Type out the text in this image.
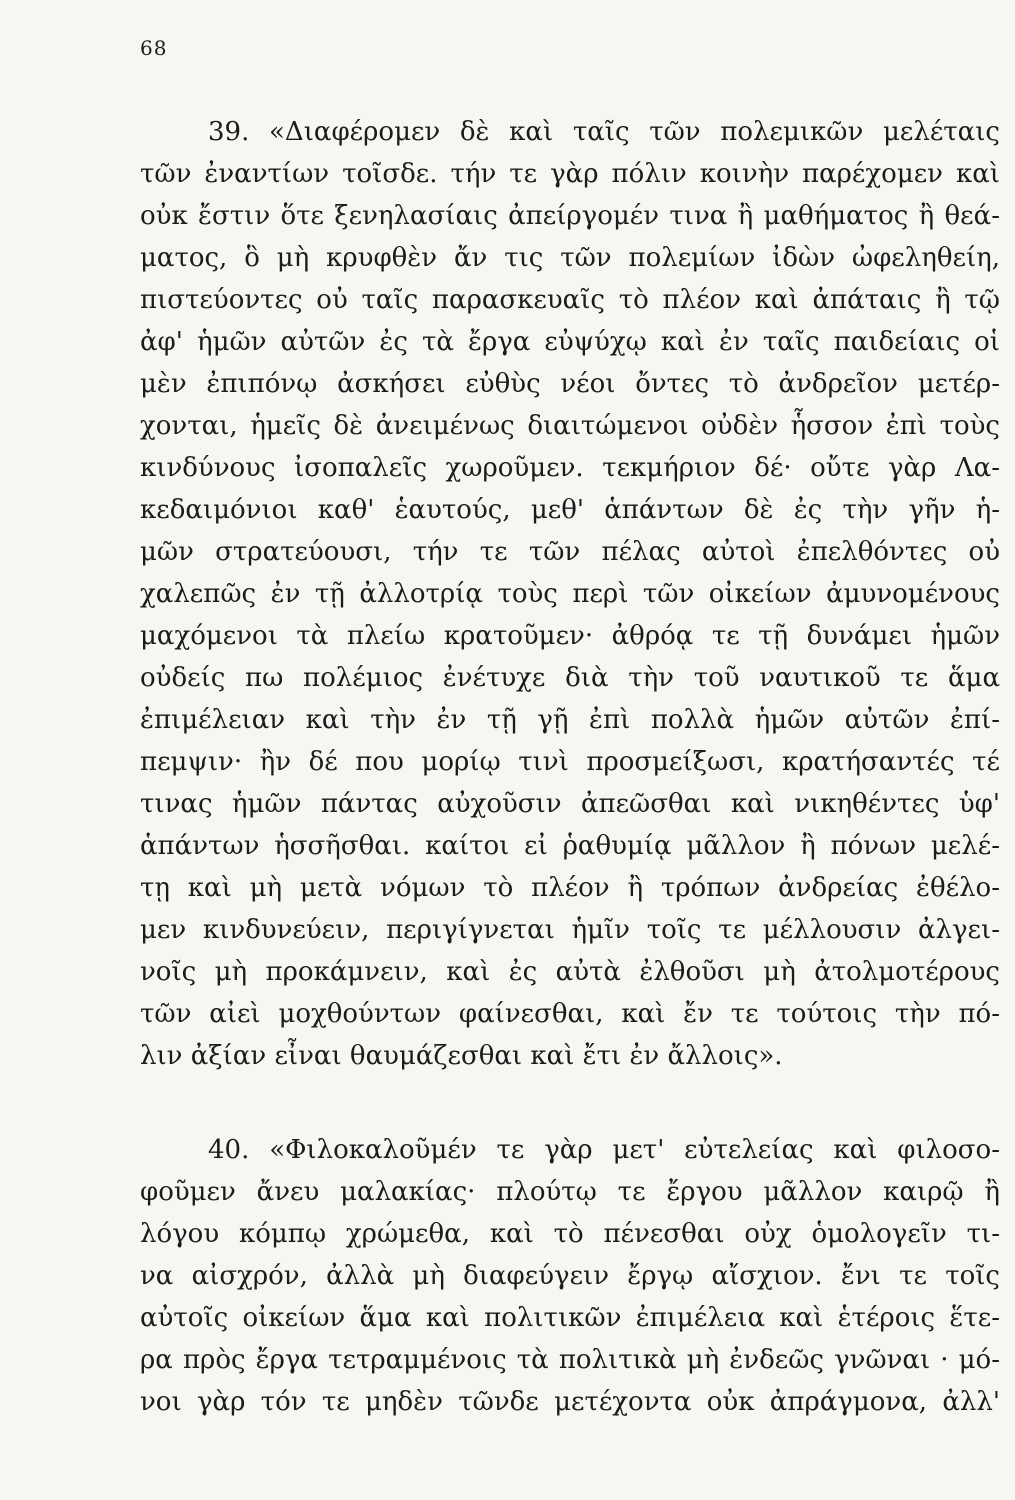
68
39. «Διαφέρομεν δὲ καὶ ταῖς τῶν πολεμικῶν μελέταις
τῶν ἐναντίων τοῖσδε. τήν τε γὰρ πόλιν κοινὴν παρέχομεν καὶ
οὐκ ἔστιν ὅτε ξενηλασίαις ἀπείργομέν τινα ἢ μαθήματος ἢ θεά-
ματος, ὃ μὴ κρυφθὲν ἄν τις τῶν πολεμίων ἰδὼν ὠφεληθείη,
πιστεύοντες οὐ ταῖς παρασκευαῖς τὸ πλέον καὶ ἀπάταις ἢ τῷ
ἀφ' ἡμῶν αὐτῶν ἐς τὰ ἔργα εὐψύχῳ καὶ ἐν ταῖς παιδείαις οἱ
μὲν ἐπιπόνῳ ἀσκήσει εὐθὺς νέοι ὄντες τὸ ἀνδρεῖον μετέρ-
χονται, ἡμεῖς δὲ ἀνειμένως διαιτώμενοι οὐδὲν ἧσσον ἐπὶ τοὺς
κινδύνους ἰσοπαλεῖς χωροῦμεν. τεκμήριον δέ· οὔτε γὰρ Λα-
κεδαιμόνιοι καθ' ἑαυτούς, μεθ' ἁπάντων δὲ ἐς τὴν γῆν ἡ-
μῶν στρατεύουσι, τήν τε τῶν πέλας αὐτοὶ ἐπελθόντες οὐ
χαλεπῶς ἐν τῇ ἀλλοτρίᾳ τοὺς περὶ τῶν οἰκείων ἀμυνομένους
μαχόμενοι τὰ πλείω κρατοῦμεν· ἀθρόᾳ τε τῇ δυνάμει ἡμῶν
οὐδείς πω πολέμιος ἐνέτυχε διὰ τὴν τοῦ ναυτικοῦ τε ἅμα
ἐπιμέλειαν καὶ τὴν ἐν τῇ γῇ ἐπὶ πολλὰ ἡμῶν αὐτῶν ἐπί-
πεμψιν· ἢν δέ που μορίῳ τινὶ προσμείξωσι, κρατήσαντές τέ
τινας ἡμῶν πάντας αὐχοῦσιν ἀπεῶσθαι καὶ νικηθέντες ὑφ'
ἁπάντων ἡσσῆσθαι. καίτοι εἰ ῥαθυμίᾳ μᾶλλον ἢ πόνων μελέ-
τῃ καὶ μὴ μετὰ νόμων τὸ πλέον ἢ τρόπων ἀνδρείας ἐθέλο-
μεν κινδυνεύειν, περιγίγνεται ἡμῖν τοῖς τε μέλλουσιν ἀλγει-
νοῖς μὴ προκάμνειν, καὶ ἐς αὐτὰ ἐλθοῦσι μὴ ἀτολμοτέρους
τῶν αἰεὶ μοχθούντων φαίνεσθαι, καὶ ἔν τε τούτοις τὴν πό-
λιν ἀξίαν εἶναι θαυμάζεσθαι καὶ ἔτι ἐν ἄλλοις».
40. «Φιλοκαλοῦμέν τε γὰρ μετ' εὐτελείας καὶ φιλοσο-
φοῦμεν ἄνευ μαλακίας· πλούτῳ τε ἔργου μᾶλλον καιρῷ ἢ
λόγου κόμπῳ χρώμεθα, καὶ τὸ πένεσθαι οὐχ ὁμολογεῖν τι-
να αἰσχρόν, ἀλλὰ μὴ διαφεύγειν ἔργῳ αἴσχιον. ἔνι τε τοῖς
αὐτοῖς οἰκείων ἅμα καὶ πολιτικῶν ἐπιμέλεια καὶ ἑτέροις ἕτε-
ρα πρὸς ἔργα τετραμμένοις τὰ πολιτικὰ μὴ ἐνδεῶς γνῶναι · μό-
νοι γὰρ τόν τε μηδὲν τῶνδε μετέχοντα οὐκ ἀπράγμονα, ἀλλ'
